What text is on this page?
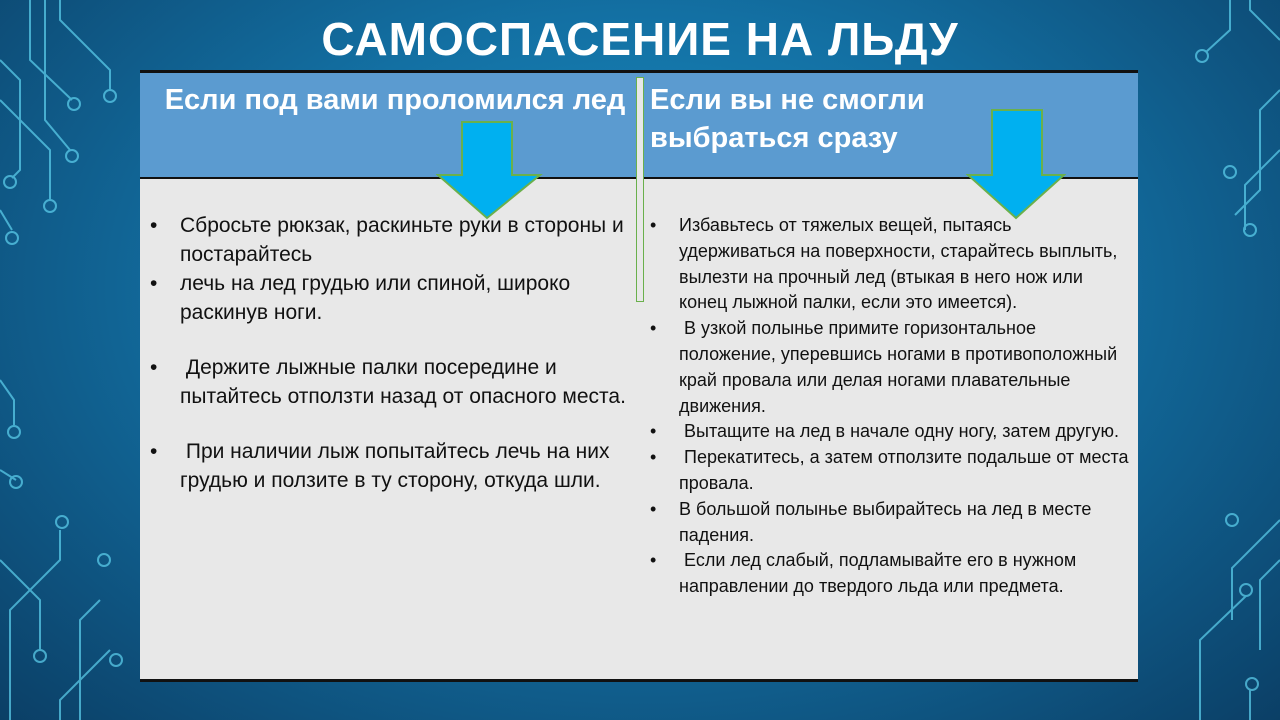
САМОСПАСЕНИЕ НА ЛЬДУ
Если под вами проломился лед Если вы не смогли выбраться сразу
• Сбросьте рюкзак, раскиньте руки в стороны и постарайтесь
• лечь на лед грудью или спиной, широко раскинув ноги.
• Держите лыжные палки посередине и пытайтесь отползти назад от опасного места.
• При наличии лыж попытайтесь лечь на них грудью и ползите в ту сторону, откуда шли.
• Избавьтесь от тяжелых вещей, пытаясь удерживаться на поверхности, старайтесь выплыть, вылезти на прочный лед (втыкая в него нож или конец лыжной палки, если это имеется).
• В узкой полынье примите горизонтальное положение, уперевшись ногами в противоположный край провала или делая ногами плавательные движения.
• Вытащите на лед в начале одну ногу, затем другую.
• Перекатитесь, а затем отползите подальше от места провала.
• В большой полынье выбирайтесь на лед в месте падения.
• Если лед слабый, подламывайте его в нужном направлении до твердого льда или предмета.
